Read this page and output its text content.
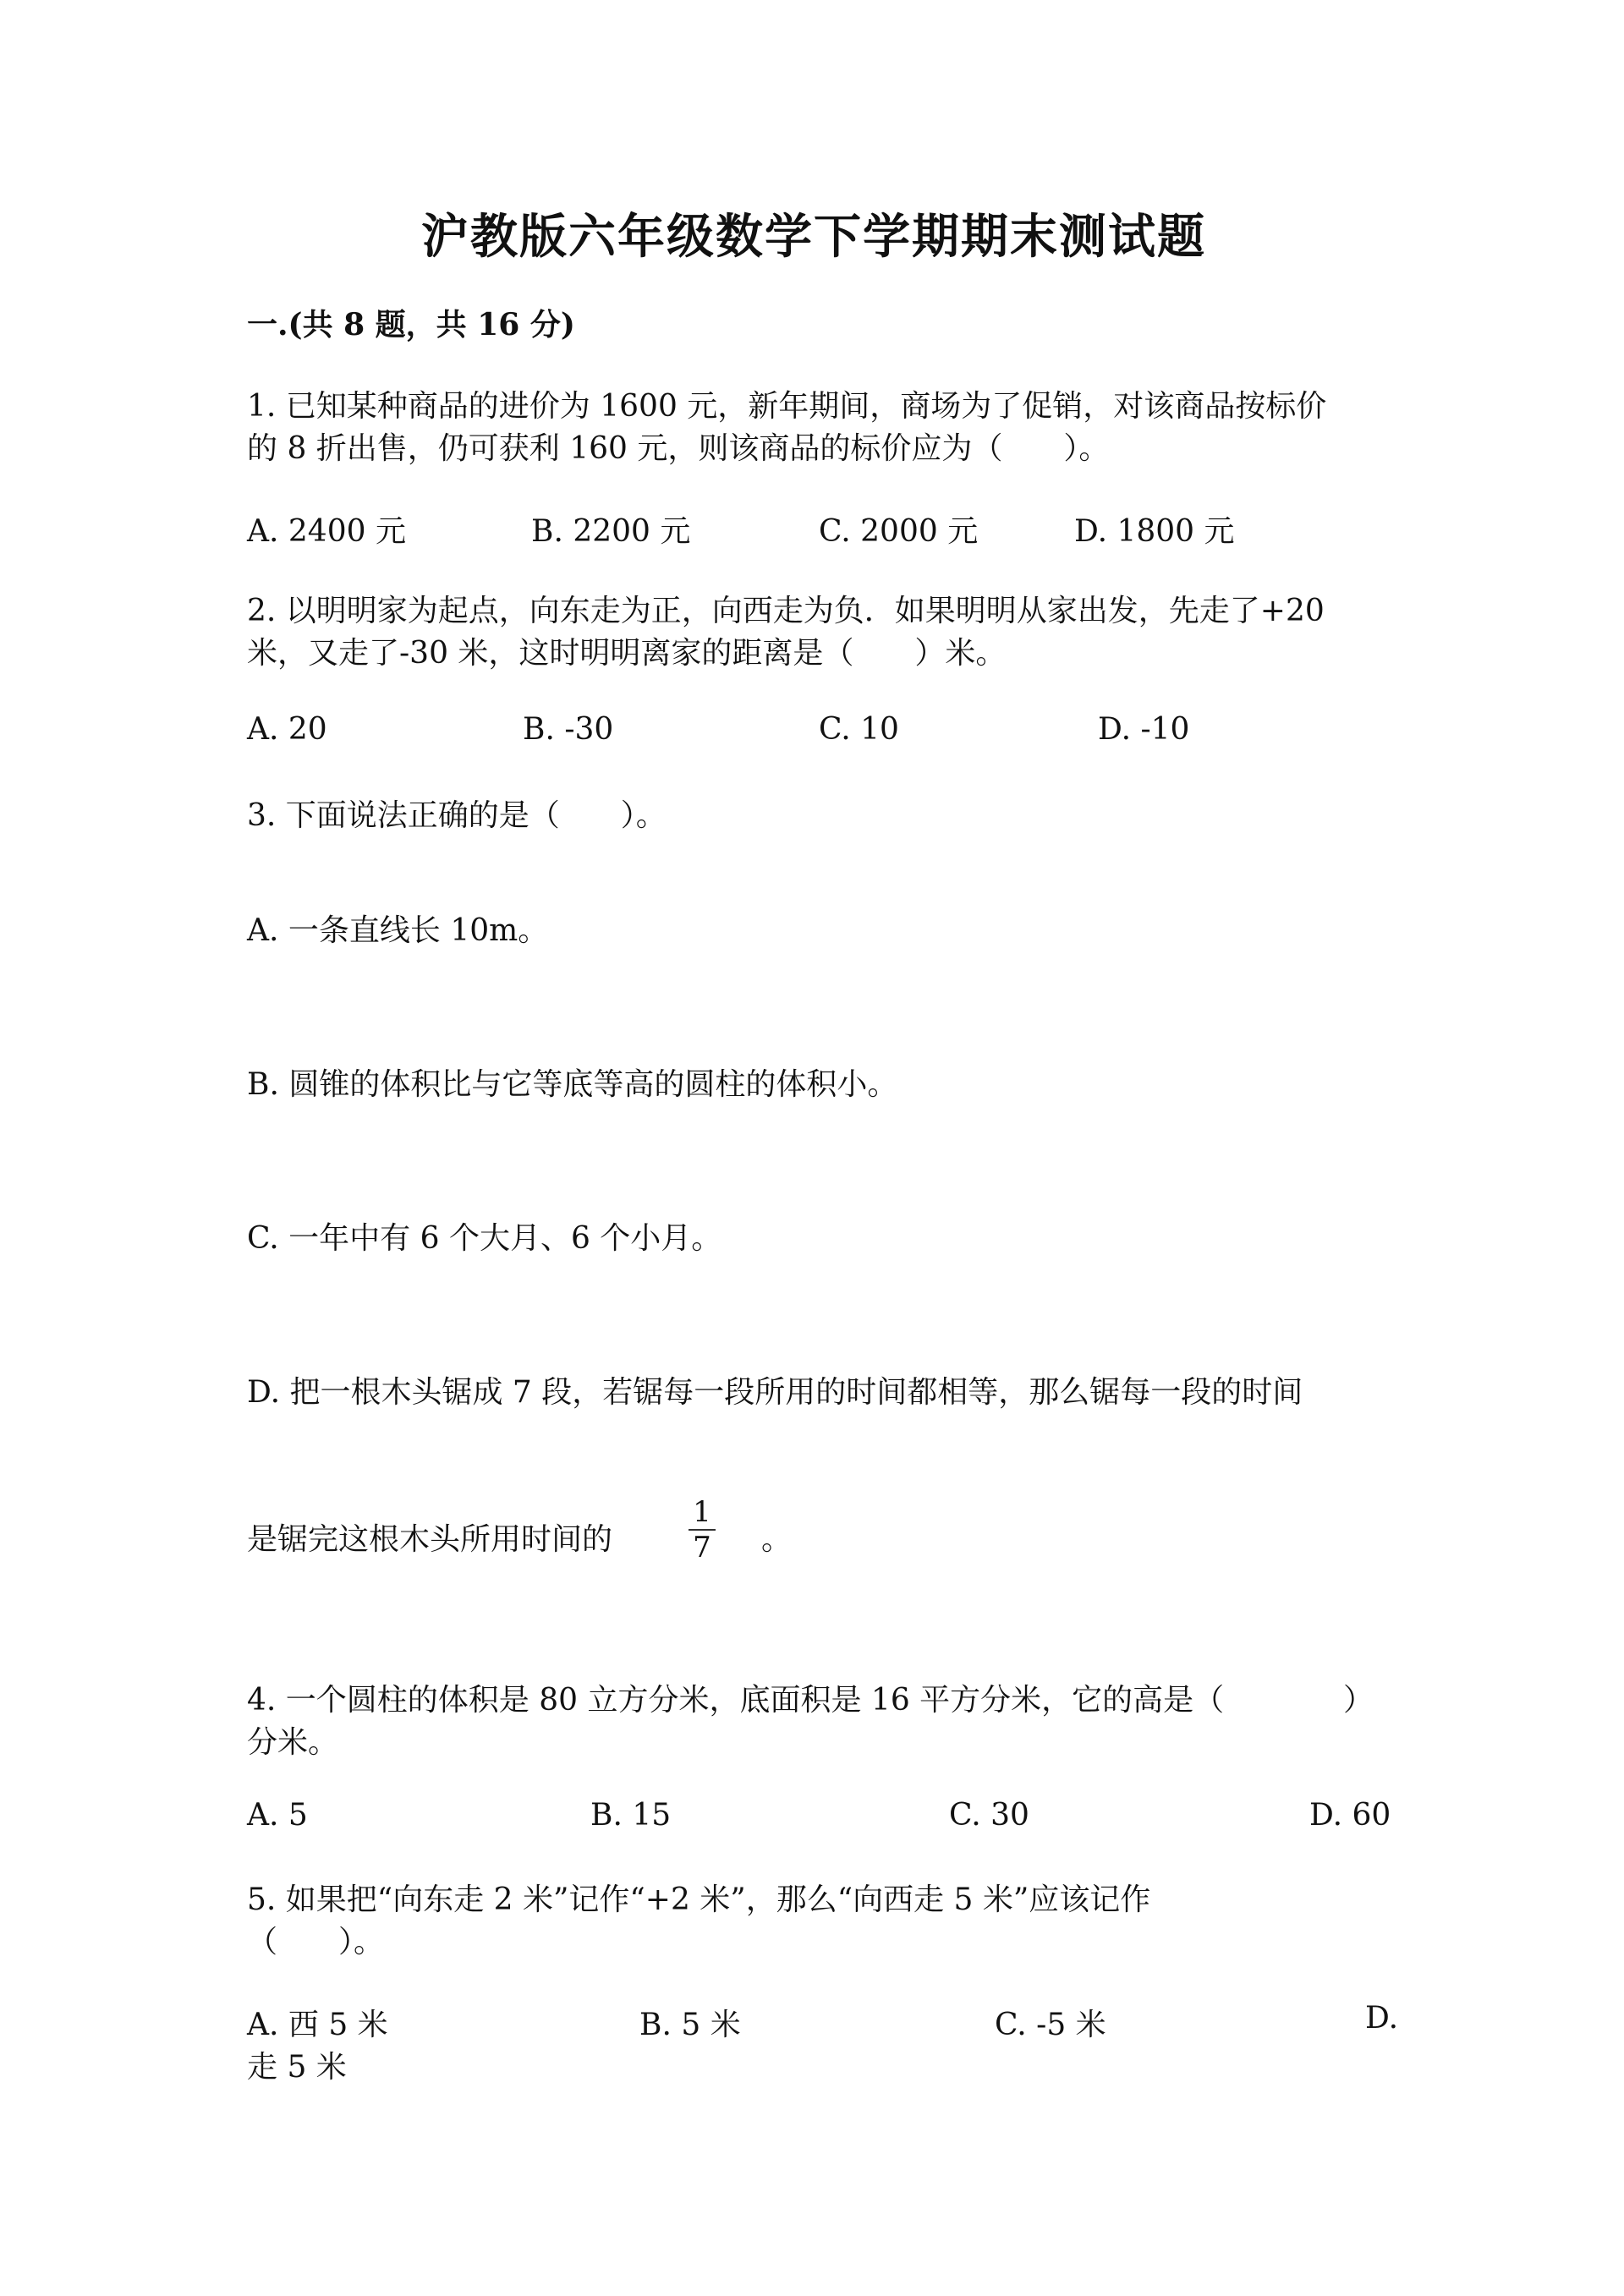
沪教版六年级数学下学期期末测试题
一.(共 8 题，共 16 分)
1. 已知某种商品的进价为 1600 元，新年期间，商场为了促销，对该商品按标价
的 8 折出售，仍可获利 160 元，则该商品的标价应为（　　）。
A. 2400 元	B. 2200 元	C. 2000 元	D. 1800 元
2. 以明明家为起点，向东走为正，向西走为负．如果明明从家出发，先走了+20
米，又走了-30 米，这时明明离家的距离是（　　）米。
A. 20	B. -30	C. 10	D. -10
3. 下面说法正确的是（　　）。
A. 一条直线长 10m。
B. 圆锥的体积比与它等底等高的圆柱的体积小。
C. 一年中有 6 个大月、6 个小月。
D. 把一根木头锯成 7 段，若锯每一段所用的时间都相等，那么锯每一段的时间
是锯完这根木头所用时间的
1
7 。
4. 一个圆柱的体积是 80 立方分米，底面积是 16 平方分米，它的高是（	）
分米。
A. 5	B. 15	C. 30	D. 60
5. 如果把“向东走 2 米”记作“+2 米”，那么“向西走 5 米”应该记作
（　　）。
A. 西 5 米	B. 5 米	C. -5 米	D.
走 5 米
